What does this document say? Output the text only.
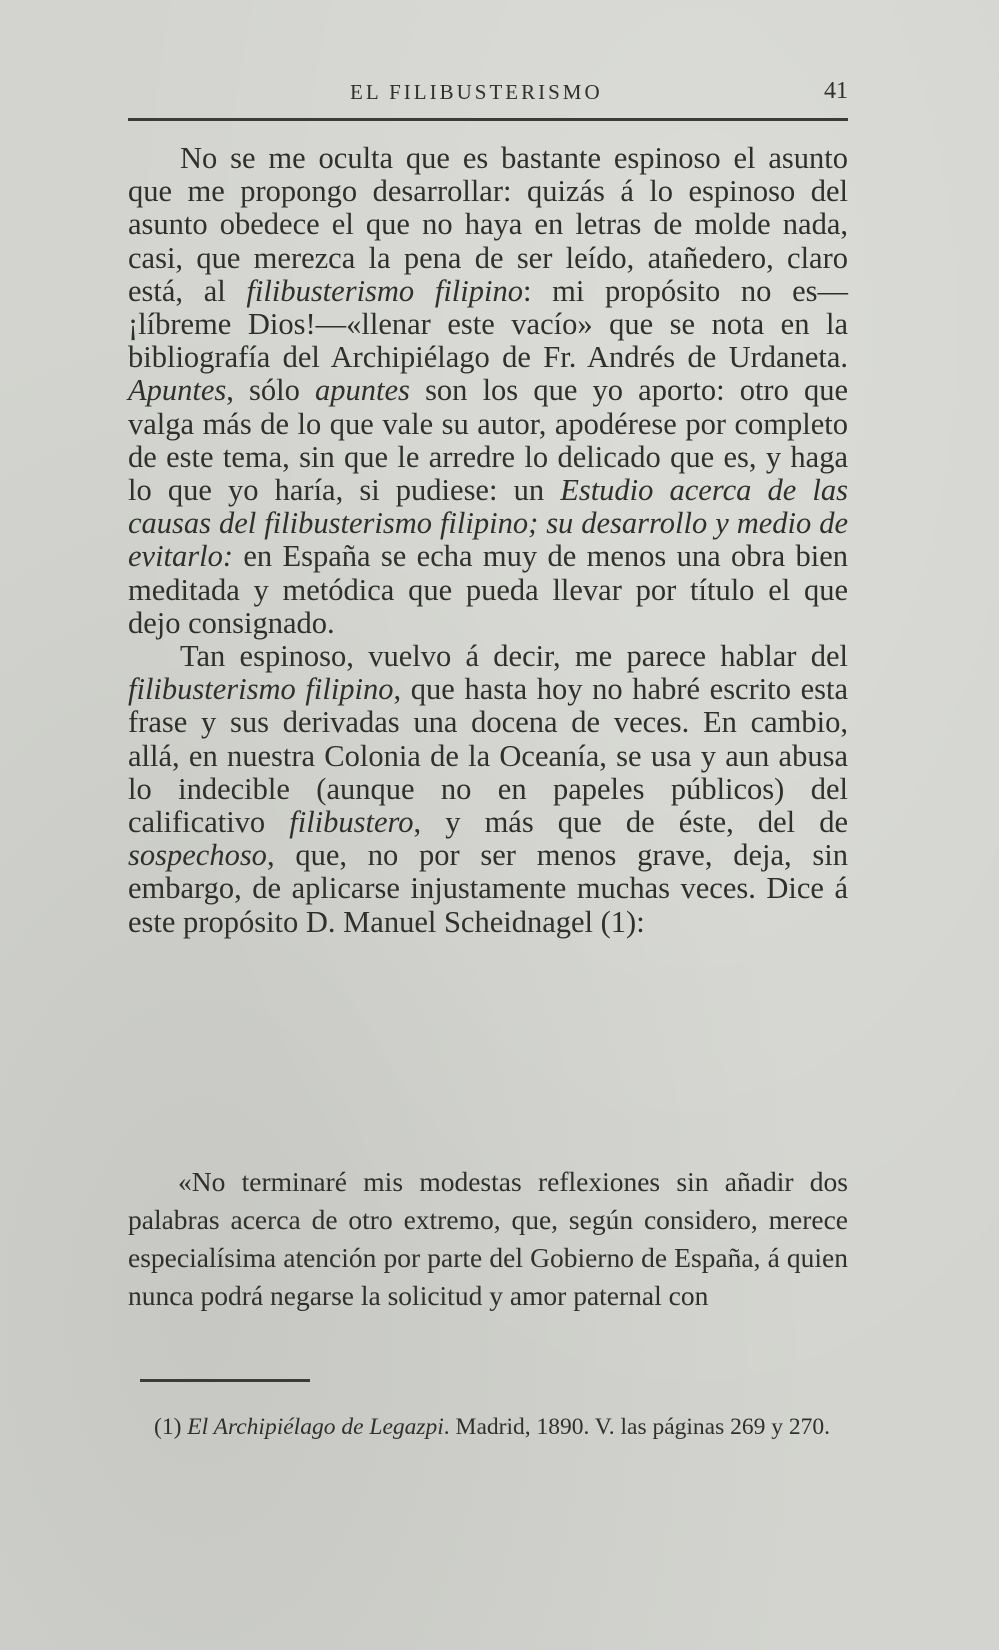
EL FILIBUSTERISMO	41

No se me oculta que es bastante espinoso el asunto que me propongo desarrollar: quizás á lo espinoso del asunto obedece el que no haya en letras de molde nada, casi, que merezca la pena de ser leído, atañedero, claro está, al filibusterismo filipino: mi propósito no es—¡líbreme Dios!—«llenar este vacío» que se nota en la bibliografía del Archipiélago de Fr. Andrés de Urdaneta. Apuntes, sólo apuntes son los que yo aporto: otro que valga más de lo que vale su autor, apodérese por completo de este tema, sin que le arredre lo delicado que es, y haga lo que yo haría, si pudiese: un Estudio acerca de las causas del filibusterismo filipino; su desarrollo y medio de evitarlo: en España se echa muy de menos una obra bien meditada y metódica que pueda llevar por título el que dejo consignado.

Tan espinoso, vuelvo á decir, me parece hablar del filibusterismo filipino, que hasta hoy no habré escrito esta frase y sus derivadas una docena de veces. En cambio, allá, en nuestra Colonia de la Oceanía, se usa y aun abusa lo indecible (aunque no en papeles públicos) del calificativo filibustero, y más que de éste, del de sospechoso, que, no por ser menos grave, deja, sin embargo, de aplicarse injustamente muchas veces. Dice á este propósito D. Manuel Scheidnagel (1):

«No terminaré mis modestas reflexiones sin añadir dos palabras acerca de otro extremo, que, según considero, merece especialísima atención por parte del Gobierno de España, á quien nunca podrá negarse la solicitud y amor paternal con

(1) El Archipiélago de Legazpi. Madrid, 1890. V. las páginas 269 y 270.
